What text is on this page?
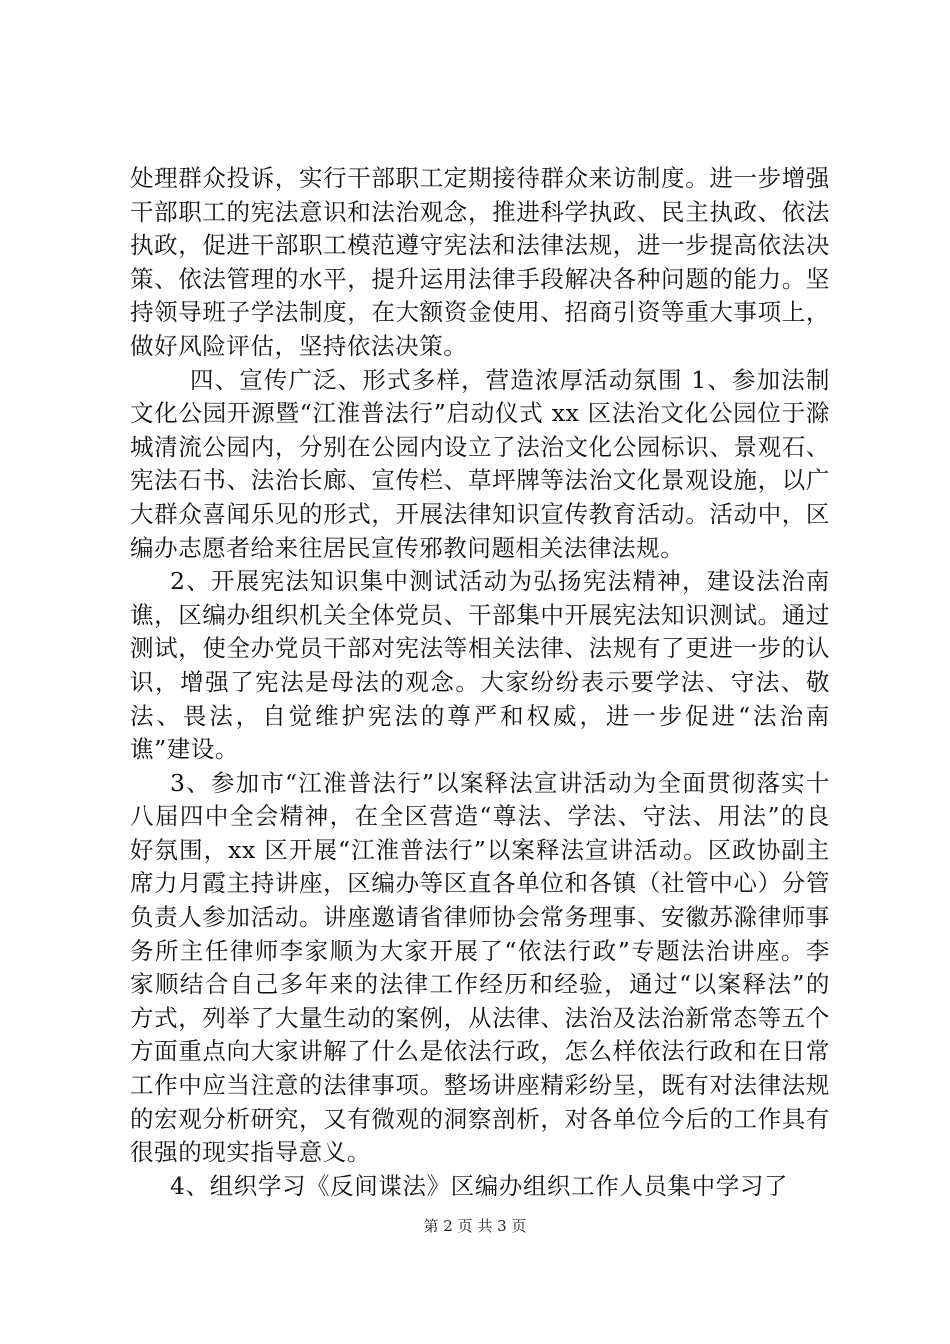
处理群众投诉，实行干部职工定期接待群众来访制度。进一步增强干部职工的宪法意识和法治观念，推进科学执政、民主执政、依法执政，促进干部职工模范遵守宪法和法律法规，进一步提高依法决策、依法管理的水平，提升运用法律手段解决各种问题的能力。坚持领导班子学法制度，在大额资金使用、招商引资等重大事项上，做好风险评估，坚持依法决策。

四、宣传广泛、形式多样，营造浓厚活动氛围 1、参加法制文化公园开源暨“江淮普法行”启动仪式 xx 区法治文化公园位于滁城清流公园内，分别在公园内设立了法治文化公园标识、景观石、宪法石书、法治长廊、宣传栏、草坪牌等法治文化景观设施，以广大群众喜闻乐见的形式，开展法律知识宣传教育活动。活动中，区编办志愿者给来往居民宣传邪教问题相关法律法规。

2、开展宪法知识集中测试活动为弘扬宪法精神，建设法治南谯，区编办组织机关全体党员、干部集中开展宪法知识测试。通过测试，使全办党员干部对宪法等相关法律、法规有了更进一步的认识，增强了宪法是母法的观念。大家纷纷表示要学法、守法、敬法、畏法，自觉维护宪法的尊严和权威，进一步促进“法治南谯”建设。

3、参加市“江淮普法行”以案释法宣讲活动为全面贯彻落实十八届四中全会精神，在全区营造“尊法、学法、守法、用法”的良好氛围，xx 区开展“江淮普法行”以案释法宣讲活动。区政协副主席力月霞主持讲座，区编办等区直各单位和各镇（社管中心）分管负责人参加活动。讲座邀请省律师协会常务理事、安徽苏滁律师事务所主任律师李家顺为大家开展了“依法行政”专题法治讲座。李家顺结合自己多年来的法律工作经历和经验，通过“以案释法”的方式，列举了大量生动的案例，从法律、法治及法治新常态等五个方面重点向大家讲解了什么是依法行政，怎么样依法行政和在日常工作中应当注意的法律事项。整场讲座精彩纷呈，既有对法律法规的宏观分析研究，又有微观的洞察剖析，对各单位今后的工作具有很强的现实指导意义。

4、组织学习《反间谍法》区编办组织工作人员集中学习了

第 2 页 共 3 页
